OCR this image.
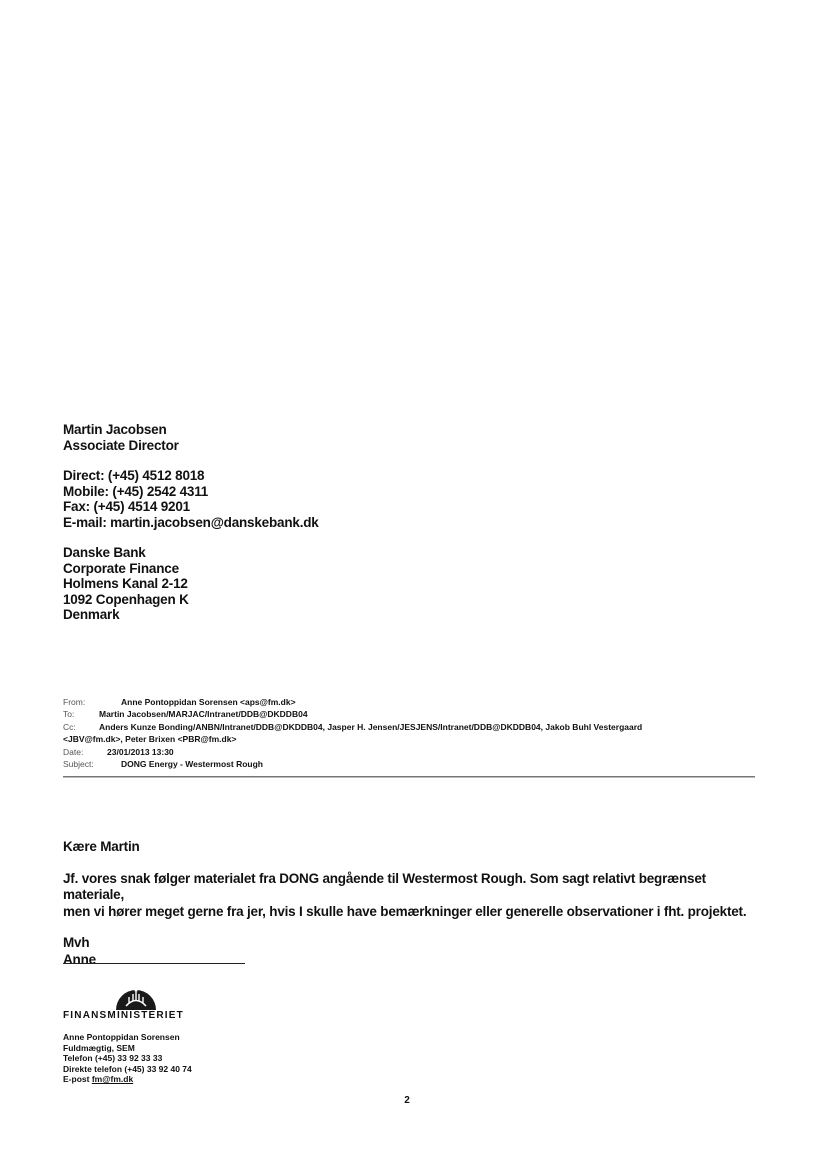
Martin Jacobsen
Associate Director
Direct: (+45) 4512 8018
Mobile: (+45) 2542 4311
Fax: (+45) 4514 9201
E-mail: martin.jacobsen@danskebank.dk
Danske Bank
Corporate Finance
Holmens Kanal 2-12
1092 Copenhagen K
Denmark
From:	Anne Pontoppidan Sorensen <aps@fm.dk>
To:	Martin Jacobsen/MARJAC/Intranet/DDB@DKDDB04
Cc:	Anders Kunze Bonding/ANBN/Intranet/DDB@DKDDB04, Jasper H. Jensen/JESJENS/Intranet/DDB@DKDDB04, Jakob Buhl Vestergaard
<JBV@fm.dk>, Peter Brixen <PBR@fm.dk>
Date:	23/01/2013 13:30
Subject:	DONG Energy - Westermost Rough

Kære Martin

Jf. vores snak følger materialet fra DONG angående til Westermost Rough. Som sagt relativt begrænset materiale,

men vi hører meget gerne fra jer, hvis I skulle have bemærkninger eller generelle observationer i fht. projektet.

Mvh

Anne

FINANSMINISTERIET
Anne Pontoppidan Sorensen
Fuldmægtig, SEM
Telefon (+45) 33 92 33 33
Direkte telefon (+45) 33 92 40 74
E-post fm@fm.dk
2
